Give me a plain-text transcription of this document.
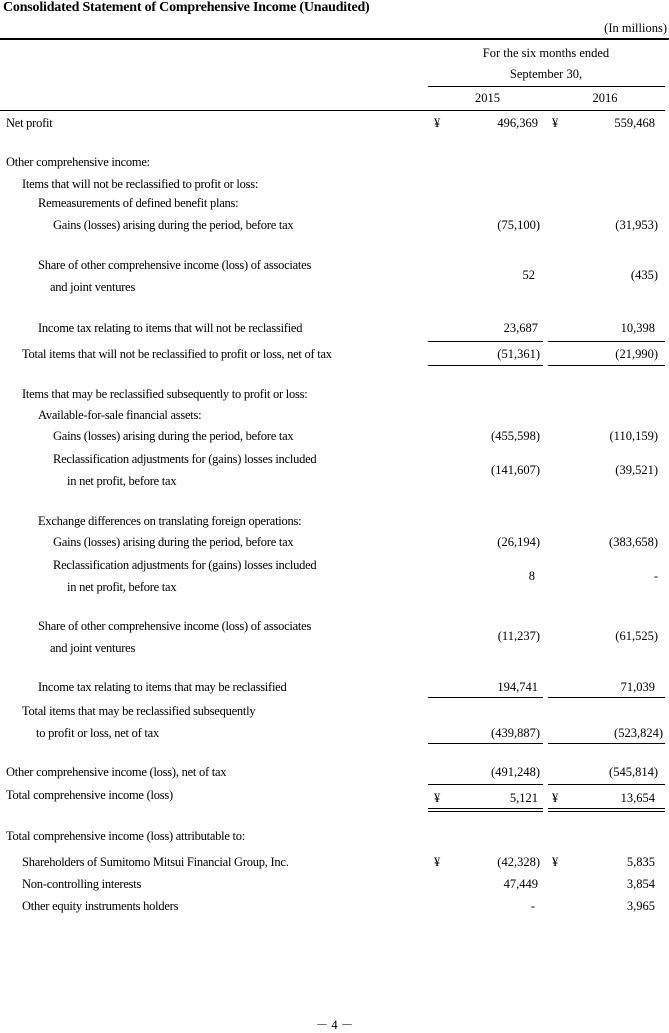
Consolidated Statement of Comprehensive Income (Unaudited)
(In millions)
For the six months ended
September 30,
2015	2016
Net profit	¥	496,369 ¥	559,468
Other comprehensive income:
Items that will not be reclassified to profit or loss:
Remeasurements of defined benefit plans:
Gains (losses) arising during the period, before tax	(75,100)	(31,953)
Share of other comprehensive income (loss) of associates
and joint ventures
52	(435)
Income tax relating to items that will not be reclassified	23,687	10,398
Total items that will not be reclassified to profit or loss, net of tax	(51,361)	(21,990)
Items that may be reclassified subsequently to profit or loss:
Available-for-sale financial assets:
Gains (losses) arising during the period, before tax	(455,598)	(110,159)
Reclassification adjustments for (gains) losses included
in net profit, before tax
(141,607)	(39,521)
Exchange differences on translating foreign operations:
Gains (losses) arising during the period, before tax	(26,194)	(383,658)
Reclassification adjustments for (gains) losses included
in net profit, before tax
8	-
Share of other comprehensive income (loss) of associates
and joint ventures
(11,237)	(61,525)
Income tax relating to items that may be reclassified	194,741	71,039
Total items that may be reclassified subsequently
to profit or loss, net of tax	(439,887)	(523,824)
Other comprehensive income (loss), net of tax	(491,248)	(545,814)
Total comprehensive income (loss)	¥	5,121 ¥	13,654
Total comprehensive income (loss) attributable to:
Shareholders of Sumitomo Mitsui Financial Group, Inc.	¥	(42,328) ¥	5,835
Non-controlling interests	47,449	3,854
Other equity instruments holders	-	3,965
－ 4 －
